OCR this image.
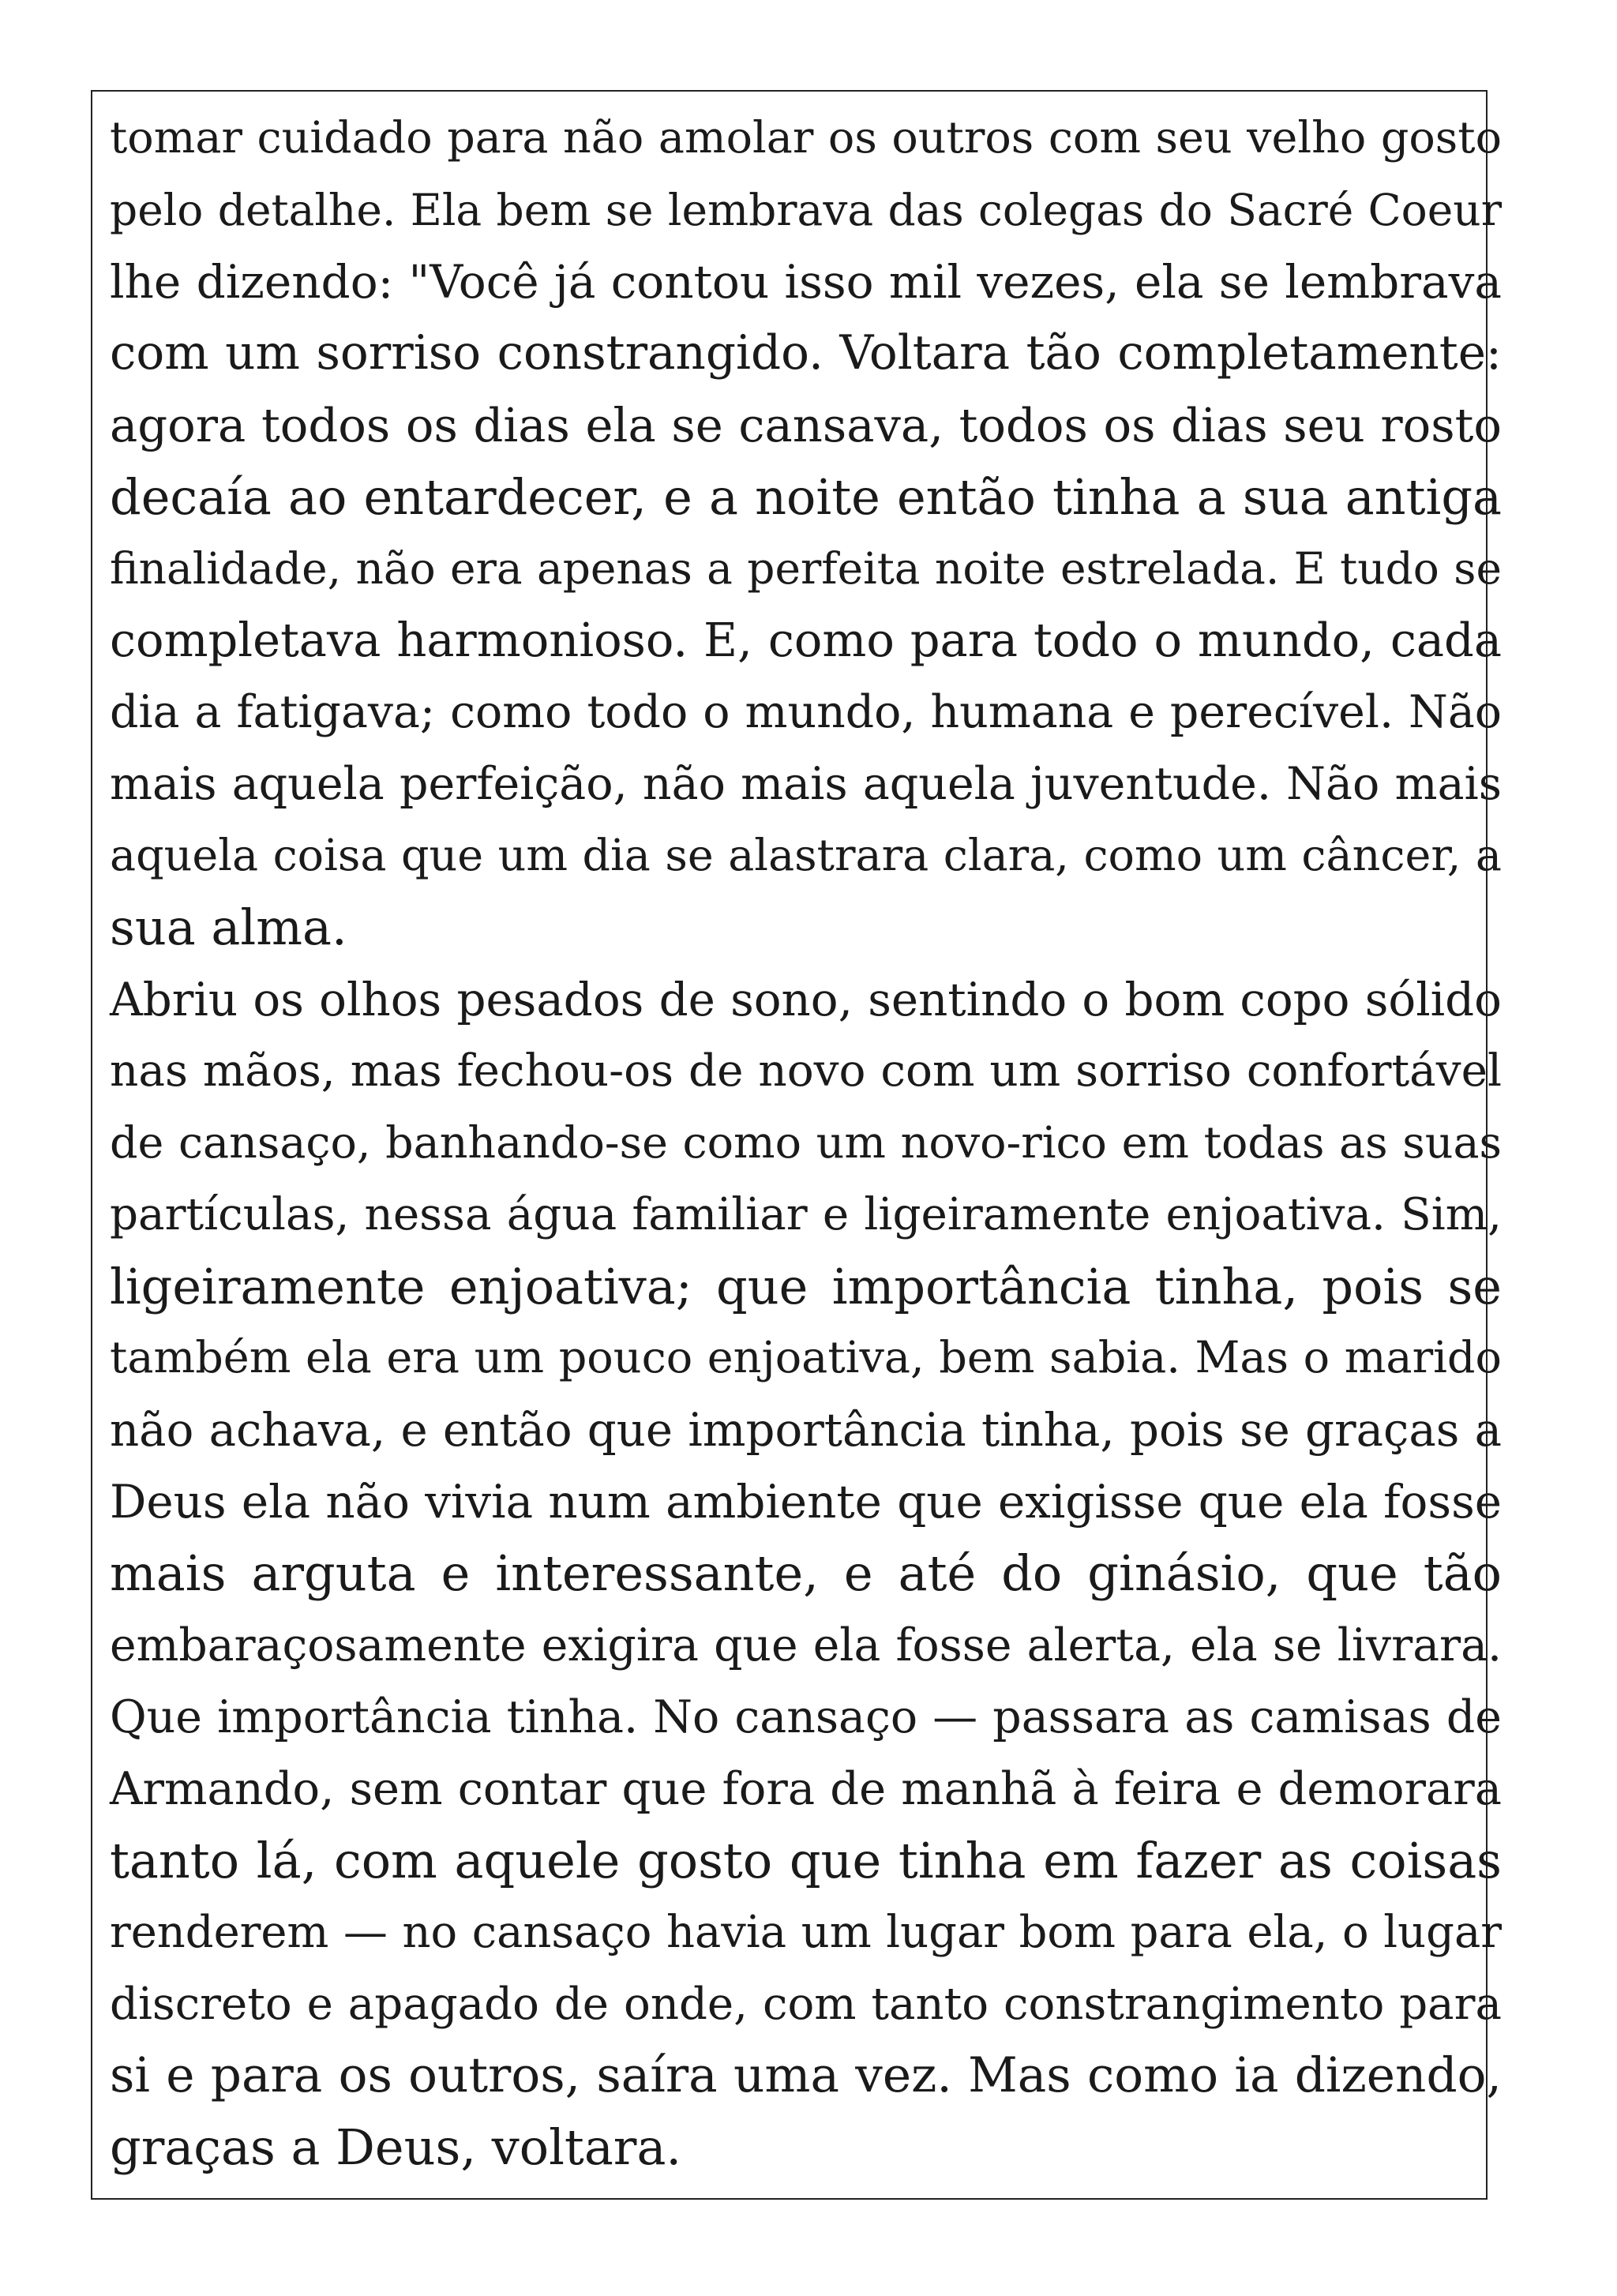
tomar cuidado para não amolar os outros com seu velho gosto
pelo detalhe. Ela bem se lembrava das colegas do Sacré Coeur
lhe dizendo: "Você já contou isso mil vezes, ela se lembrava
com um sorriso constrangido. Voltara tão completamente:
agora todos os dias ela se cansava, todos os dias seu rosto
decaía ao entardecer, e a noite então tinha a sua antiga
finalidade, não era apenas a perfeita noite estrelada. E tudo se
completava harmonioso. E, como para todo o mundo, cada
dia a fatigava; como todo o mundo, humana e perecível. Não
mais aquela perfeição, não mais aquela juventude. Não mais
aquela coisa que um dia se alastrara clara, como um câncer, a
sua alma.
Abriu os olhos pesados de sono, sentindo o bom copo sólido
nas mãos, mas fechou-os de novo com um sorriso confortável
de cansaço, banhando-se como um novo-rico em todas as suas
partículas, nessa água familiar e ligeiramente enjoativa. Sim,
ligeiramente enjoativa; que importância tinha, pois se
também ela era um pouco enjoativa, bem sabia. Mas o marido
não achava, e então que importância tinha, pois se graças a
Deus ela não vivia num ambiente que exigisse que ela fosse
mais arguta e interessante, e até do ginásio, que tão
embaraçosamente exigira que ela fosse alerta, ela se livrara.
Que importância tinha. No cansaço — passara as camisas de
Armando, sem contar que fora de manhã à feira e demorara
tanto lá, com aquele gosto que tinha em fazer as coisas
renderem — no cansaço havia um lugar bom para ela, o lugar
discreto e apagado de onde, com tanto constrangimento para
si e para os outros, saíra uma vez. Mas como ia dizendo,
graças a Deus, voltara.
